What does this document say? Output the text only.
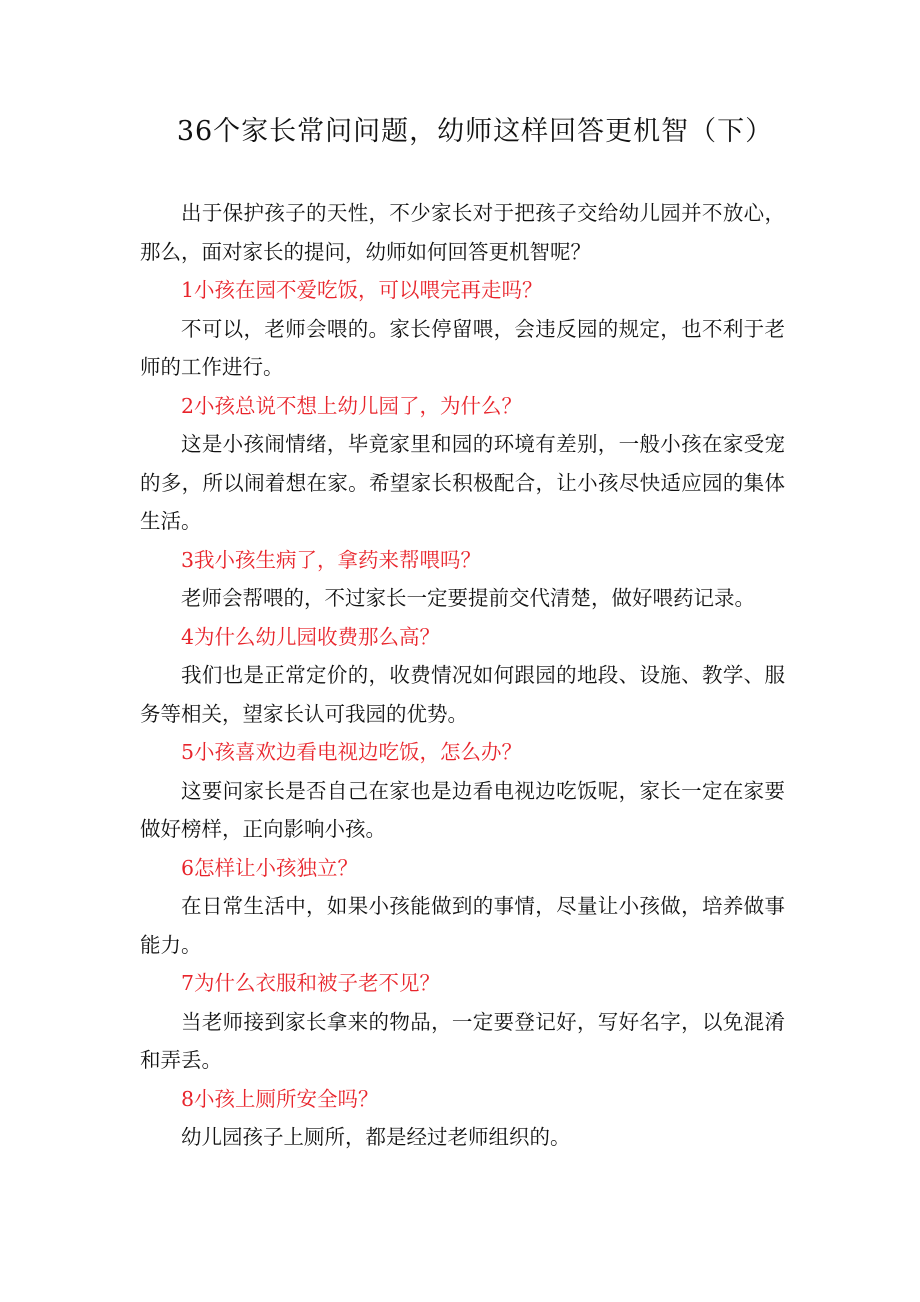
36个家长常问问题，幼师这样回答更机智（下）

出于保护孩子的天性，不少家长对于把孩子交给幼儿园并不放心，那么，面对家长的提问，幼师如何回答更机智呢？

1小孩在园不爱吃饭，可以喂完再走吗？

不可以，老师会喂的。家长停留喂，会违反园的规定，也不利于老师的工作进行。

2小孩总说不想上幼儿园了，为什么？

这是小孩闹情绪，毕竟家里和园的环境有差别，一般小孩在家受宠的多，所以闹着想在家。希望家长积极配合，让小孩尽快适应园的集体生活。

3我小孩生病了，拿药来帮喂吗？

老师会帮喂的，不过家长一定要提前交代清楚，做好喂药记录。

4为什么幼儿园收费那么高？

我们也是正常定价的，收费情况如何跟园的地段、设施、教学、服务等相关，望家长认可我园的优势。

5小孩喜欢边看电视边吃饭，怎么办？

这要问家长是否自己在家也是边看电视边吃饭呢，家长一定在家要做好榜样，正向影响小孩。

6怎样让小孩独立？

在日常生活中，如果小孩能做到的事情，尽量让小孩做，培养做事能力。

7为什么衣服和被子老不见？

当老师接到家长拿来的物品，一定要登记好，写好名字，以免混淆和弄丢。

8小孩上厕所安全吗？

幼儿园孩子上厕所，都是经过老师组织的。
